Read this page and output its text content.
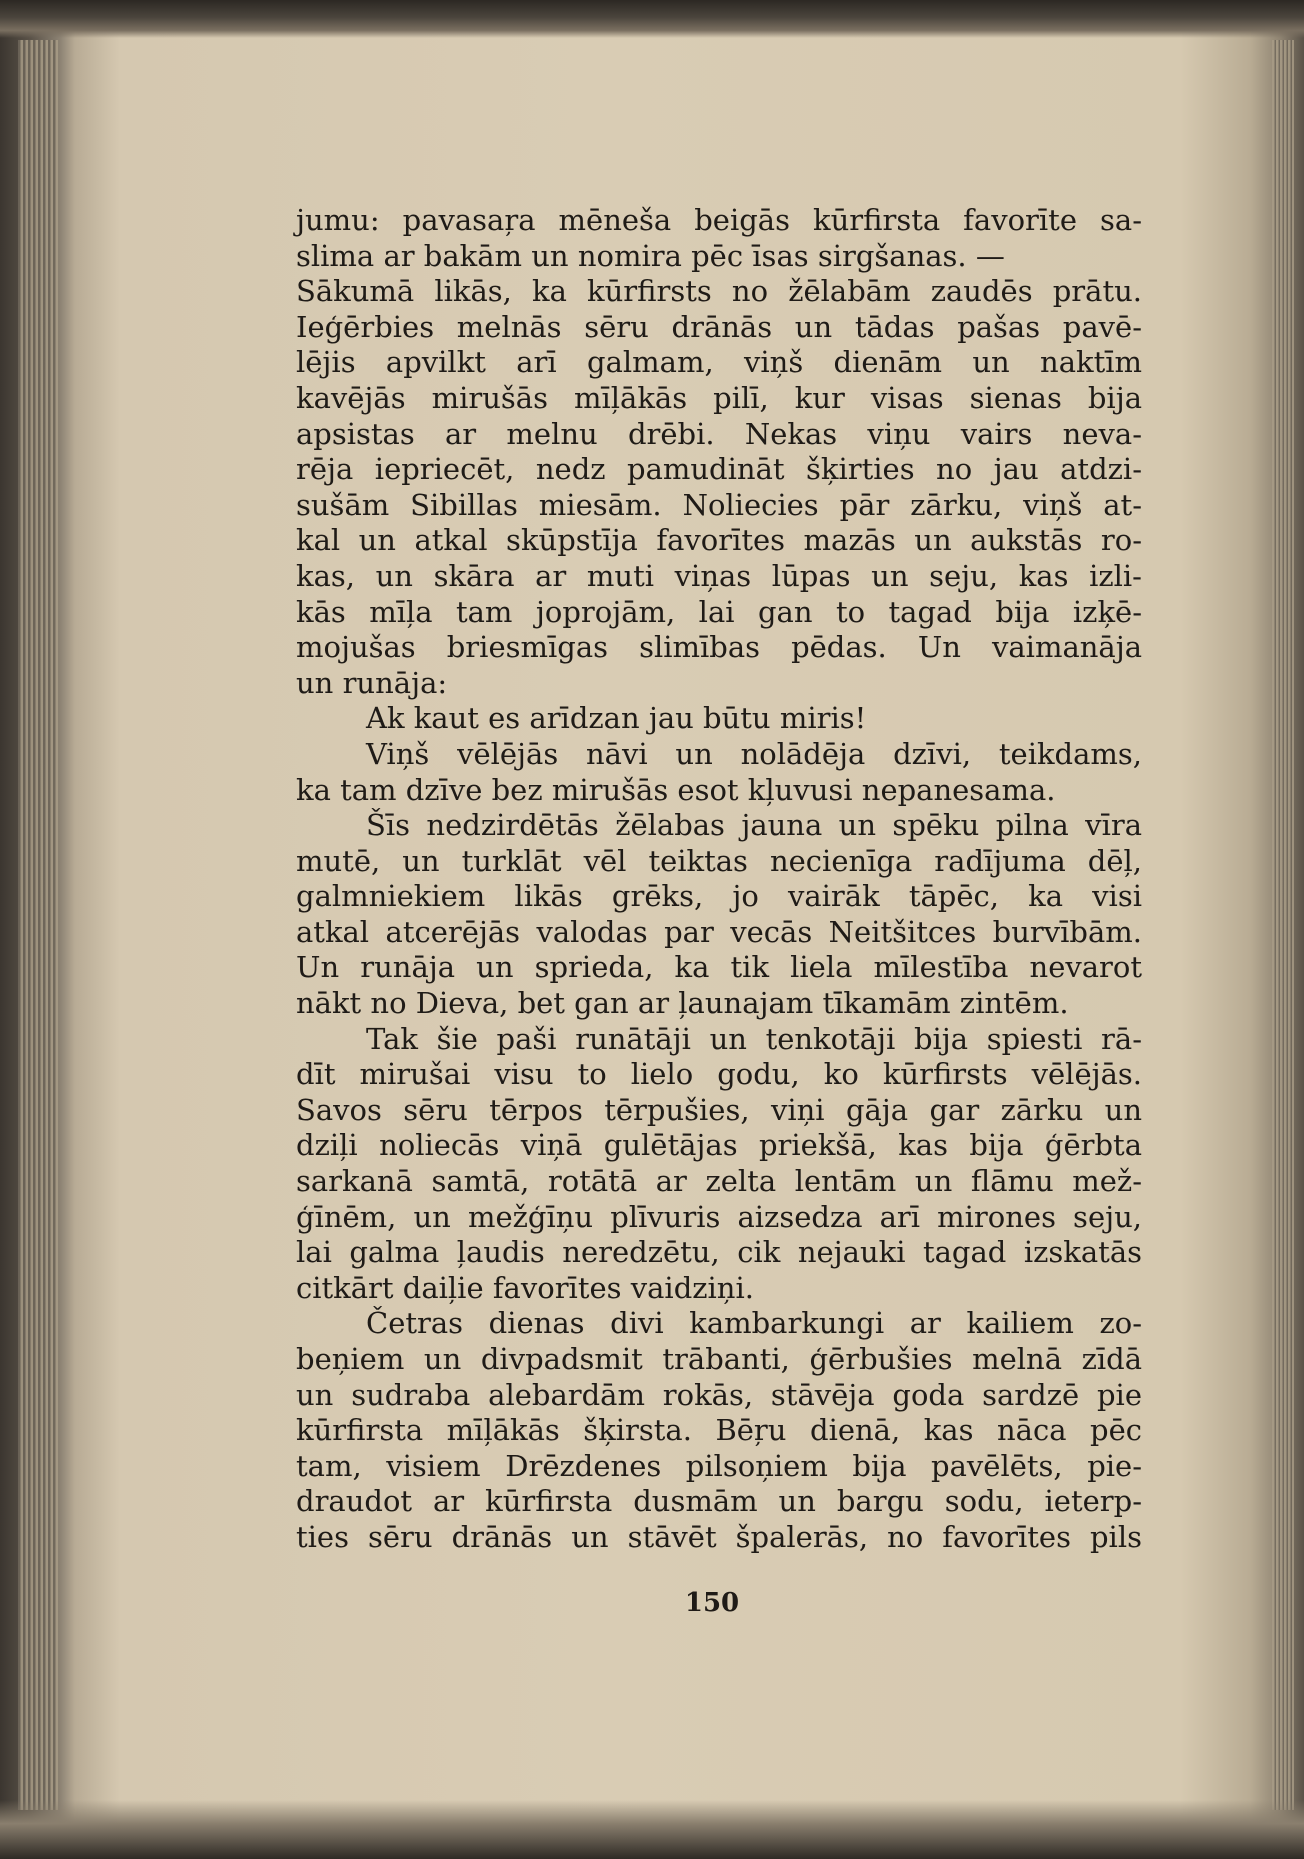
jumu: pavasaŗa mēneša beigās kūrfirsta favorīte sa-
slima ar bakām un nomira pēc īsas sirgšanas. —
Sākumā likās, ka kūrfirsts no žēlabām zaudēs prātu.
Ieģērbies melnās sēru drānās un tādas pašas pavē-
lējis apvilkt arī galmam, viņš dienām un naktīm
kavējās mirušās mīļākās pilī, kur visas sienas bija
apsistas ar melnu drēbi. Nekas viņu vairs neva-
rēja iepriecēt, nedz pamudināt šķirties no jau atdzi-
sušām Sibillas miesām. Noliecies pār zārku, viņš at-
kal un atkal skūpstīja favorītes mazās un aukstās ro-
kas, un skāra ar muti viņas lūpas un seju, kas izli-
kās mīļa tam joprojām, lai gan to tagad bija izķē-
mojušas briesmīgas slimības pēdas. Un vaimanāja
un runāja:
Ak kaut es arīdzan jau būtu miris!
Viņš vēlējās nāvi un nolādēja dzīvi, teikdams,
ka tam dzīve bez mirušās esot kļuvusi nepanesama.
Šīs nedzirdētās žēlabas jauna un spēku pilna vīra
mutē, un turklāt vēl teiktas necienīga radījuma dēļ,
galmniekiem likās grēks, jo vairāk tāpēc, ka visi
atkal atcerējās valodas par vecās Neitšitces burvībām.
Un runāja un sprieda, ka tik liela mīlestība nevarot
nākt no Dieva, bet gan ar ļaunajam tīkamām zintēm.
Tak šie paši runātāji un tenkotāji bija spiesti rā-
dīt mirušai visu to lielo godu, ko kūrfirsts vēlējās.
Savos sēru tērpos tērpušies, viņi gāja gar zārku un
dziļi noliecās viņā gulētājas priekšā, kas bija ģērbta
sarkanā samtā, rotātā ar zelta lentām un flāmu mež-
ģīnēm, un mežģīņu plīvuris aizsedza arī mirones seju,
lai galma ļaudis neredzētu, cik nejauki tagad izskatās
citkārt daiļie favorītes vaidziņi.
Četras dienas divi kambarkungi ar kailiem zo-
beņiem un divpadsmit trābanti, ģērbušies melnā zīdā
un sudraba alebardām rokās, stāvēja goda sardzē pie
kūrfirsta mīļākās šķirsta. Bēŗu dienā, kas nāca pēc
tam, visiem Drēzdenes pilsoņiem bija pavēlēts, pie-
draudot ar kūrfirsta dusmām un bargu sodu, ieterp-
ties sēru drānās un stāvēt špalerās, no favorītes pils
150
